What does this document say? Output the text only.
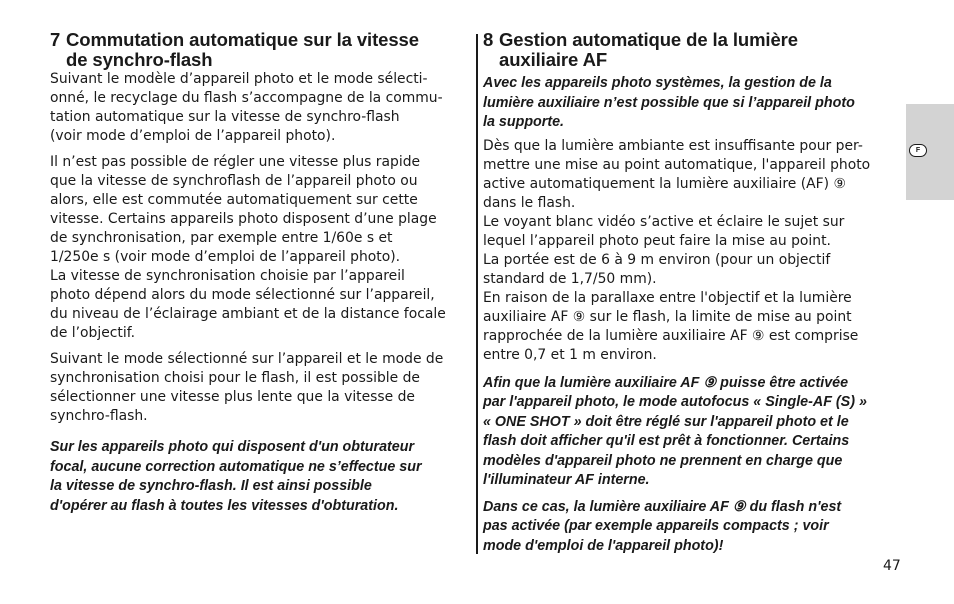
7 Commutation automatique sur la vitesse
de synchro-flash
Suivant le modèle d’appareil photo et le mode sélecti-
onné, le recyclage du flash s’accompagne de la commu-
tation automatique sur la vitesse de synchro-flash
(voir mode d’emploi de l’appareil photo).
Il n’est pas possible de régler une vitesse plus rapide
que la vitesse de synchroflash de l’appareil photo ou
alors, elle est commutée automatiquement sur cette
vitesse. Certains appareils photo disposent d’une plage
de synchronisation, par exemple entre 1/60e s et
1/250e s (voir mode d’emploi de l’appareil photo).
La vitesse de synchronisation choisie par l’appareil
photo dépend alors du mode sélectionné sur l’appareil,
du niveau de l’éclairage ambiant et de la distance focale
de l’objectif.
Suivant le mode sélectionné sur l’appareil et le mode de
synchronisation choisi pour le flash, il est possible de
sélectionner une vitesse plus lente que la vitesse de
synchro-flash.
Sur les appareils photo qui disposent d'un obturateur
focal, aucune correction automatique ne s’effectue sur
la vitesse de synchro-flash. Il est ainsi possible
d'opérer au flash à toutes les vitesses d'obturation.
8 Gestion automatique de la lumière
auxiliaire AF
Avec les appareils photo systèmes, la gestion de la
lumière auxiliaire n’est possible que si l’appareil photo
la supporte.
Dès que la lumière ambiante est insuffisante pour per-
mettre une mise au point automatique, l'appareil photo
active automatiquement la lumière auxiliaire (AF) ⑨
dans le flash.
Le voyant blanc vidéo s’active et éclaire le sujet sur
lequel l’appareil photo peut faire la mise au point.
La portée est de 6 à 9 m environ (pour un objectif
standard de 1,7/50 mm).
En raison de la parallaxe entre l'objectif et la lumière
auxiliaire AF ⑨ sur le flash, la limite de mise au point
rapprochée de la lumière auxiliaire AF ⑨ est comprise
entre 0,7 et 1 m environ.
Afin que la lumière auxiliaire AF ⑨ puisse être activée
par l'appareil photo, le mode autofocus « Single-AF (S) »
« ONE SHOT » doit être réglé sur l'appareil photo et le
flash doit afficher qu'il est prêt à fonctionner. Certains
modèles d'appareil photo ne prennent en charge que
l'illuminateur AF interne.
Dans ce cas, la lumière auxiliaire AF ⑨ du flash n'est
pas activée (par exemple appareils compacts ; voir
mode d'emploi de l'appareil photo)!
F
47
